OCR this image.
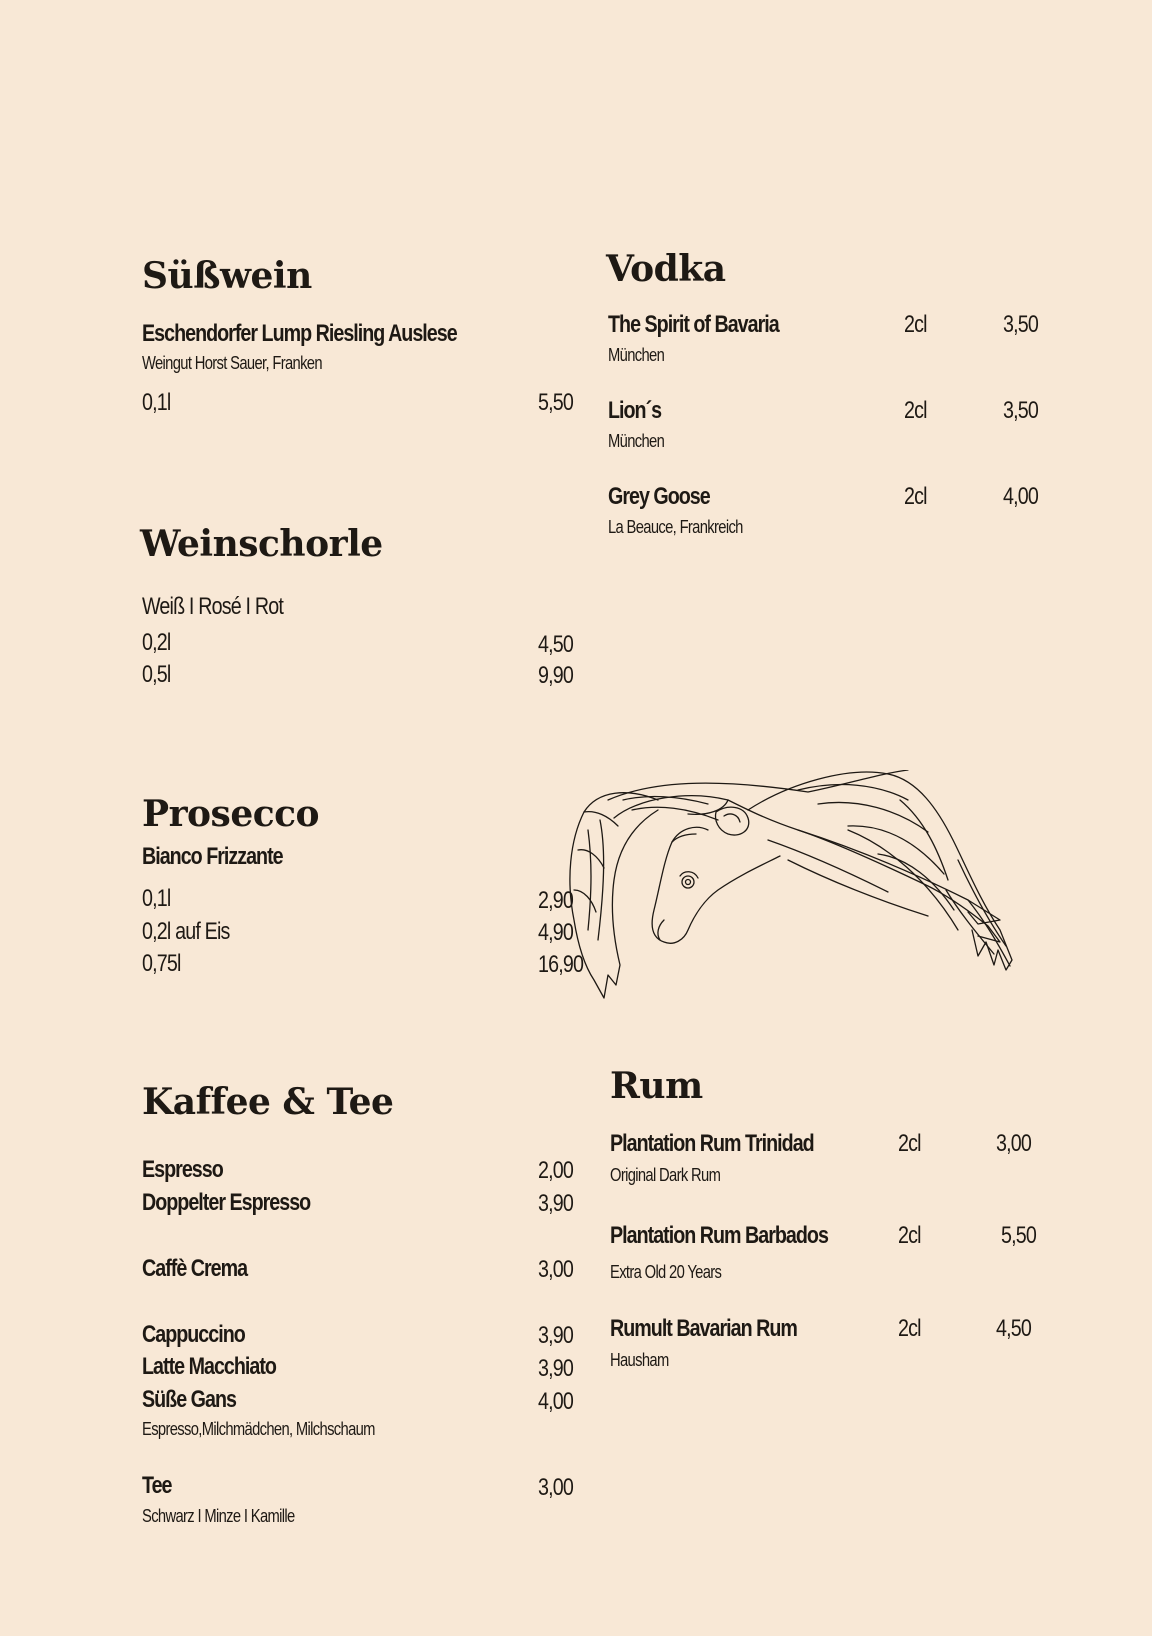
Süßwein
Eschendorfer Lump Riesling Auslese
Weingut Horst Sauer, Franken
0,1l	5,50
Weinschorle
Weiß I Rosé I Rot
0,2l	4,50
0,5l	9,90
Prosecco
Bianco Frizzante
0,1l	2,90
0,2l auf Eis	4,90
0,75l	16,90
Kaffee & Tee
Espresso	2,00
Doppelter Espresso	3,90
Caffè Crema	3,00
Cappuccino	3,90
Latte Macchiato	3,90
Süße Gans	4,00
Espresso,Milchmädchen, Milchschaum
Tee	3,00
Schwarz I Minze I Kamille
Vodka
The Spirit of Bavaria	2cl	3,50
München
Lion´s	2cl	3,50
München
Grey Goose	2cl	4,00
La Beauce, Frankreich
Rum
Plantation Rum Trinidad	2cl	3,00
Original Dark Rum
Plantation Rum Barbados	2cl	5,50
Extra Old 20 Years
Rumult Bavarian Rum	2cl	4,50
Hausham
